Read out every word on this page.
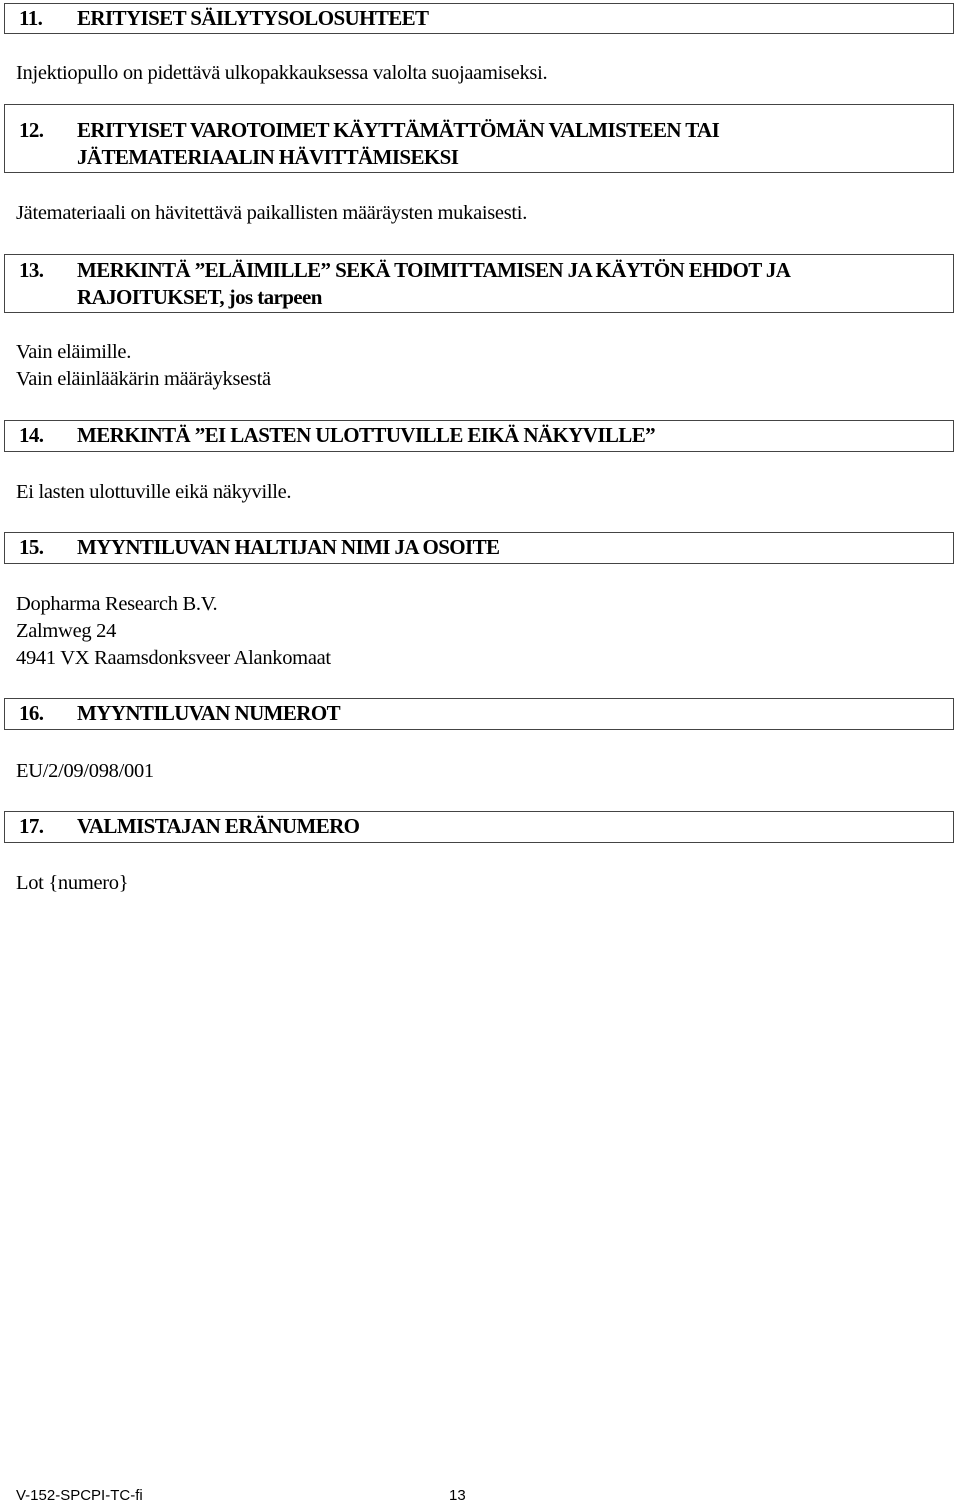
11. ERITYISET SÄILYTYSOLOSUHTEET
Injektiopullo on pidettävä ulkopakkauksessa valolta suojaamiseksi.
12. ERITYISET VAROTOIMET KÄYTTÄMÄTTÖMÄN VALMISTEEN TAI
JÄTEMATERIAALIN HÄVITTÄMISEKSI
Jätemateriaali on hävitettävä paikallisten määräysten mukaisesti.
13. MERKINTÄ ”ELÄIMILLE” SEKÄ TOIMITTAMISEN JA KÄYTÖN EHDOT JA
RAJOITUKSET, jos tarpeen
Vain eläimille.
Vain eläinlääkärin määräyksestä
14. MERKINTÄ ”EI LASTEN ULOTTUVILLE EIKÄ NÄKYVILLE”
Ei lasten ulottuville eikä näkyville.
15. MYYNTILUVAN HALTIJAN NIMI JA OSOITE
Dopharma Research B.V.
Zalmweg 24
4941 VX Raamsdonksveer Alankomaat
16. MYYNTILUVAN NUMEROT
EU/2/09/098/001
17. VALMISTAJAN ERÄNUMERO
Lot {numero}
V-152-SPCPI-TC-fi	13
